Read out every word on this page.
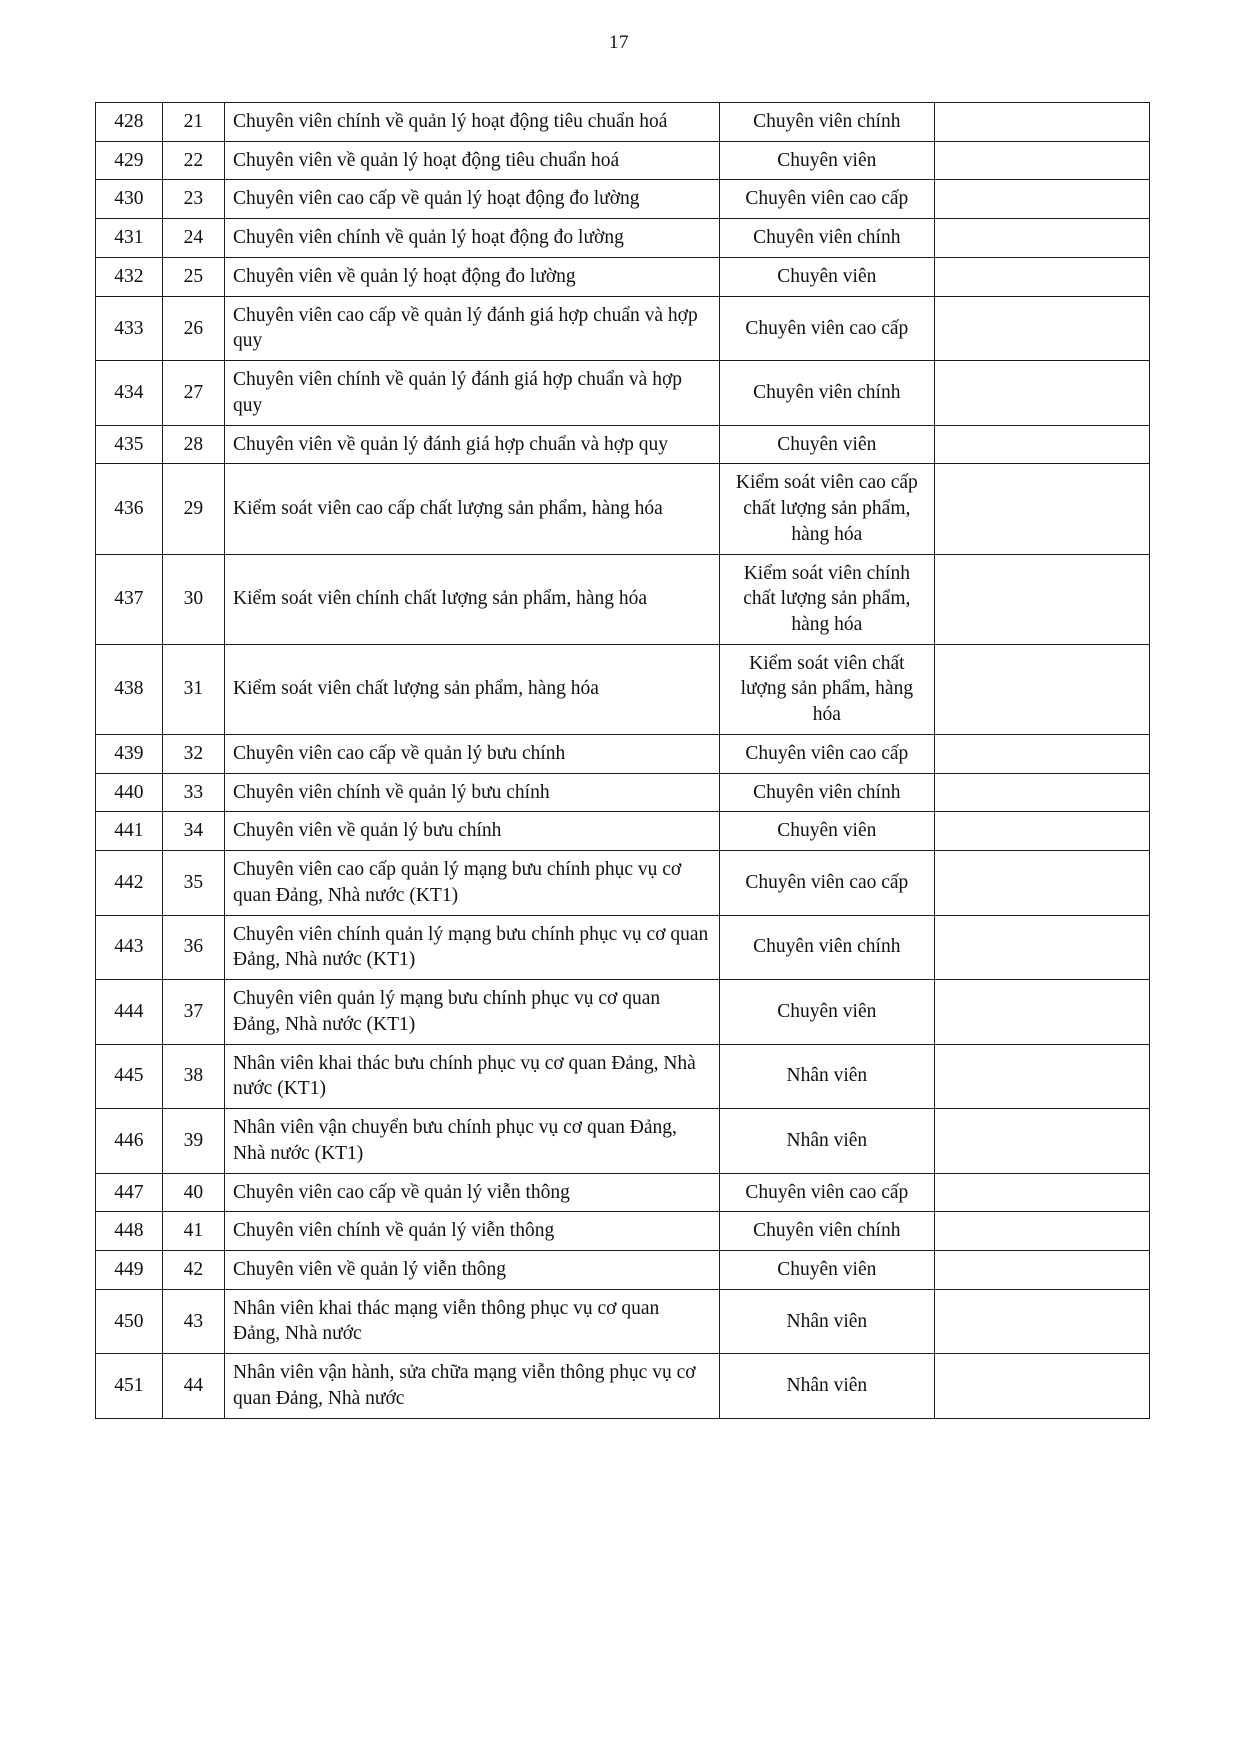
17
428	21	Chuyên viên chính về quản lý hoạt động tiêu chuẩn hoá	Chuyên viên chính	
429	22	Chuyên viên về quản lý hoạt động tiêu chuẩn hoá	Chuyên viên	
430	23	Chuyên viên cao cấp về quản lý hoạt động đo lường	Chuyên viên cao cấp	
431	24	Chuyên viên chính về quản lý hoạt động đo lường	Chuyên viên chính	
432	25	Chuyên viên về quản lý hoạt động đo lường	Chuyên viên	
433	26	Chuyên viên cao cấp về quản lý đánh giá hợp chuẩn và hợp quy	Chuyên viên cao cấp	
434	27	Chuyên viên chính về quản lý đánh giá hợp chuẩn và hợp quy	Chuyên viên chính	
435	28	Chuyên viên về quản lý đánh giá hợp chuẩn và hợp quy	Chuyên viên	
436	29	Kiểm soát viên cao cấp chất lượng sản phẩm, hàng hóa	Kiểm soát viên cao cấp chất lượng sản phẩm, hàng hóa	
437	30	Kiểm soát viên chính chất lượng sản phẩm, hàng hóa	Kiểm soát viên chính chất lượng sản phẩm, hàng hóa	
438	31	Kiểm soát viên chất lượng sản phẩm, hàng hóa	Kiểm soát viên chất lượng sản phẩm, hàng hóa	
439	32	Chuyên viên cao cấp về quản lý bưu chính	Chuyên viên cao cấp	
440	33	Chuyên viên chính về quản lý bưu chính	Chuyên viên chính	
441	34	Chuyên viên về quản lý bưu chính	Chuyên viên	
442	35	Chuyên viên cao cấp quản lý mạng bưu chính phục vụ cơ quan Đảng, Nhà nước (KT1)	Chuyên viên cao cấp	
443	36	Chuyên viên chính quản lý mạng bưu chính phục vụ cơ quan Đảng, Nhà nước (KT1)	Chuyên viên chính	
444	37	Chuyên viên quản lý mạng bưu chính phục vụ cơ quan Đảng, Nhà nước (KT1)	Chuyên viên	
445	38	Nhân viên khai thác bưu chính phục vụ cơ quan Đảng, Nhà nước (KT1)	Nhân viên	
446	39	Nhân viên vận chuyển bưu chính phục vụ cơ quan Đảng, Nhà nước (KT1)	Nhân viên	
447	40	Chuyên viên cao cấp về quản lý viễn thông	Chuyên viên cao cấp	
448	41	Chuyên viên chính về quản lý viễn thông	Chuyên viên chính	
449	42	Chuyên viên về quản lý viễn thông	Chuyên viên	
450	43	Nhân viên khai thác mạng viễn thông phục vụ cơ quan Đảng, Nhà nước	Nhân viên	
451	44	Nhân viên vận hành, sửa chữa mạng viễn thông phục vụ cơ quan Đảng, Nhà nước	Nhân viên	
